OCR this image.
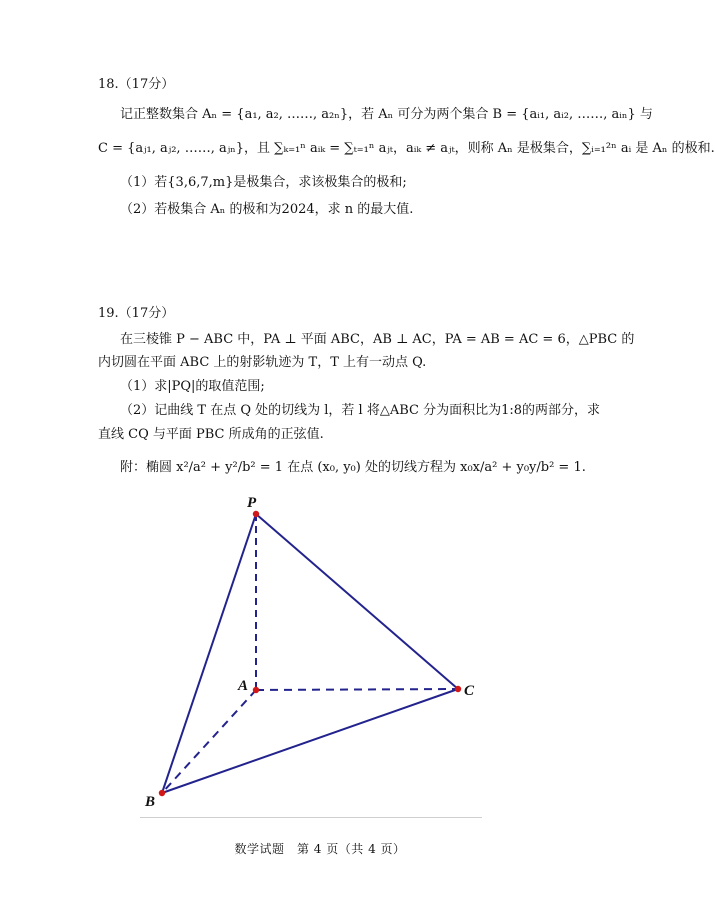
18.（17分）
记正整数集合 Aₙ = {a₁, a₂, ……, a₂ₙ}，若 Aₙ 可分为两个集合 B = {aᵢ₁, aᵢ₂, ……, aᵢₙ} 与
C = {aⱼ₁, aⱼ₂, ……, aⱼₙ}，且 ∑ₖ₌₁ⁿ aᵢₖ = ∑ₜ₌₁ⁿ aⱼₜ，aᵢₖ ≠ aⱼₜ，则称 Aₙ 是极集合，∑ᵢ₌₁²ⁿ aᵢ 是 Aₙ 的极和.
（1）若{3,6,7,m}是极集合，求该极集合的极和;
（2）若极集合 Aₙ 的极和为2024，求 n 的最大值.
19.（17分）
在三棱锥 P − ABC 中，PA ⊥ 平面 ABC，AB ⊥ AC，PA = AB = AC = 6，△PBC 的
内切圆在平面 ABC 上的射影轨迹为 T，T 上有一动点 Q.
（1）求|PQ|的取值范围;
（2）记曲线 T 在点 Q 处的切线为 l，若 l 将△ABC 分为面积比为1:8的两部分，求
直线 CQ 与平面 PBC 所成角的正弦值.
附：椭圆 x²/a² + y²/b² = 1 在点 (x₀, y₀) 处的切线方程为 x₀x/a² + y₀y/b² = 1.
P
A
B
C
数学试题　第 4 页（共 4 页）
